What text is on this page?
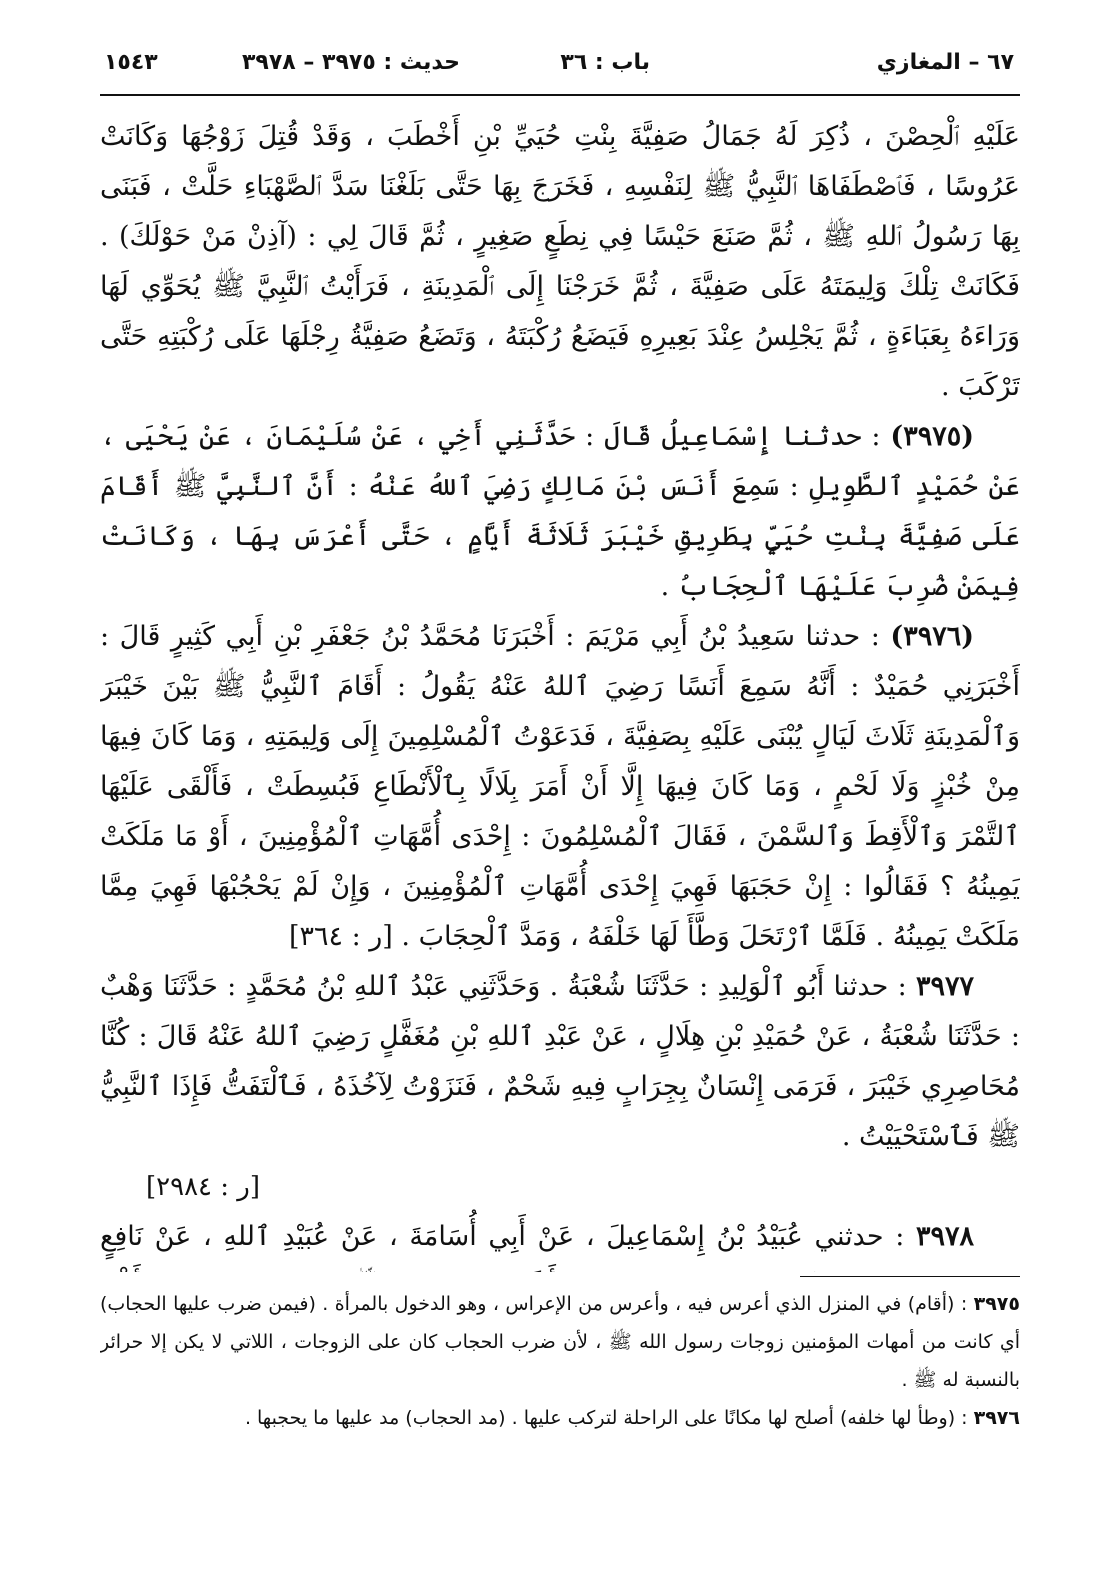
٦٧ – المغازي
باب : ٣٦
حديث : ٣٩٧٥ – ٣٩٧٨
١٥٤٣

عَلَيْهِ ٱلْحِصْنَ ، ذُكِرَ لَهُ جَمَالُ صَفِيَّةَ بِنْتِ حُيَيِّ بْنِ أَخْطَبَ ، وَقَدْ قُتِلَ زَوْجُهَا وَكَانَتْ عَرُوسًا ، فَٱصْطَفَاهَا ٱلنَّبِيُّ ﷺ لِنَفْسِهِ ، فَخَرَجَ بِهَا حَتَّى بَلَغْنَا سَدَّ ٱلصَّهْبَاءِ حَلَّتْ ، فَبَنَى بِهَا رَسُولُ ٱللهِ ﷺ ، ثُمَّ صَنَعَ حَيْسًا فِي نِطَعٍ صَغِيرٍ ، ثُمَّ قَالَ لِي : (آذِنْ مَنْ حَوْلَكَ) . فَكَانَتْ تِلْكَ وَلِيمَتَهُ عَلَى صَفِيَّةَ ، ثُمَّ خَرَجْنَا إِلَى ٱلْمَدِينَةِ ، فَرَأَيْتُ ٱلنَّبِيَّ ﷺ يُحَوِّي لَهَا وَرَاءَهُ بِعَبَاءَةٍ ، ثُمَّ يَجْلِسُ عِنْدَ بَعِيرِهِ فَيَضَعُ رُكْبَتَهُ ، وَتَضَعُ صَفِيَّةُ رِجْلَهَا عَلَى رُكْبَتِهِ حَتَّى تَرْكَبَ .

(٣٩٧٥) : حدثنا إِسْمَاعِيلُ قَالَ : حَدَّثَنِي أَخِي ، عَنْ سُلَيْمَانَ ، عَنْ يَحْيَى ، عَنْ حُمَيْدٍ ٱلطَّوِيلِ : سَمِعَ أَنَسَ بْنَ مَالِكٍ رَضِيَ ٱللهُ عَنْهُ : أَنَّ ٱلنَّبِيَّ ﷺ أَقَامَ عَلَى صَفِيَّةَ بِنْتِ حُيَيٍّ بِطَرِيقِ خَيْبَرَ ثَلَاثَةَ أَيَّامٍ ، حَتَّى أَعْرَسَ بِهَا ، وَكَانَتْ فِيمَنْ ضُرِبَ عَلَيْهَا ٱلْحِجَابُ .

(٣٩٧٦) : حدثنا سَعِيدُ بْنُ أَبِي مَرْيَمَ : أَخْبَرَنَا مُحَمَّدُ بْنُ جَعْفَرِ بْنِ أَبِي كَثِيرٍ قَالَ : أَخْبَرَنِي حُمَيْدٌ : أَنَّهُ سَمِعَ أَنَسًا رَضِيَ ٱللهُ عَنْهُ يَقُولُ : أَقَامَ ٱلنَّبِيُّ ﷺ بَيْنَ خَيْبَرَ وَٱلْمَدِينَةِ ثَلَاثَ لَيَالٍ يُبْنَى عَلَيْهِ بِصَفِيَّةَ ، فَدَعَوْتُ ٱلْمُسْلِمِينَ إِلَى وَلِيمَتِهِ ، وَمَا كَانَ فِيهَا مِنْ خُبْزٍ وَلَا لَحْمٍ ، وَمَا كَانَ فِيهَا إِلَّا أَنْ أَمَرَ بِلَالًا بِٱلْأَنْطَاعِ فَبُسِطَتْ ، فَأَلْقَى عَلَيْهَا ٱلتَّمْرَ وَٱلْأَقِطَ وَٱلسَّمْنَ ، فَقَالَ ٱلْمُسْلِمُونَ : إِحْدَى أُمَّهَاتِ ٱلْمُؤْمِنِينَ ، أَوْ مَا مَلَكَتْ يَمِينُهُ ؟ فَقَالُوا : إِنْ حَجَبَهَا فَهِيَ إِحْدَى أُمَّهَاتِ ٱلْمُؤْمِنِينَ ، وَإِنْ لَمْ يَحْجُبْهَا فَهِيَ مِمَّا مَلَكَتْ يَمِينُهُ . فَلَمَّا ٱرْتَحَلَ وَطَّأَ لَهَا خَلْفَهُ ، وَمَدَّ ٱلْحِجَابَ . [ر : ٣٦٤]

٣٩٧٧ : حدثنا أَبُو ٱلْوَلِيدِ : حَدَّثَنَا شُعْبَةُ . وَحَدَّثَنِي عَبْدُ ٱللهِ بْنُ مُحَمَّدٍ : حَدَّثَنَا وَهْبٌ : حَدَّثَنَا شُعْبَةُ ، عَنْ حُمَيْدِ بْنِ هِلَالٍ ، عَنْ عَبْدِ ٱللهِ بْنِ مُغَفَّلٍ رَضِيَ ٱللهُ عَنْهُ قَالَ : كُنَّا مُحَاصِرِي خَيْبَرَ ، فَرَمَى إِنْسَانٌ بِجِرَابٍ فِيهِ شَحْمٌ ، فَنَزَوْتُ لِآخُذَهُ ، فَٱلْتَفَتُّ فَإِذَا ٱلنَّبِيُّ ﷺ فَٱسْتَحْيَيْتُ .

[ر : ٢٩٨٤]

٣٩٧٨ : حدثني عُبَيْدُ بْنُ إِسْمَاعِيلَ ، عَنْ أَبِي أُسَامَةَ ، عَنْ عُبَيْدِ ٱللهِ ، عَنْ نَافِعٍ

٣٩٧٥ : (أقام) في المنزل الذي أعرس فيه ، وأعرس من الإعراس ، وهو الدخول بالمرأة . (فيمن ضرب عليها الحجاب) أي كانت من أمهات المؤمنين زوجات رسول الله ﷺ ، لأن ضرب الحجاب كان على الزوجات ، اللاتي لا يكن إلا حرائر بالنسبة له ﷺ .

٣٩٧٦ : (وطأ لها خلفه) أصلح لها مكانًا على الراحلة لتركب عليها . (مد الحجاب) مد عليها ما يحجبها .
